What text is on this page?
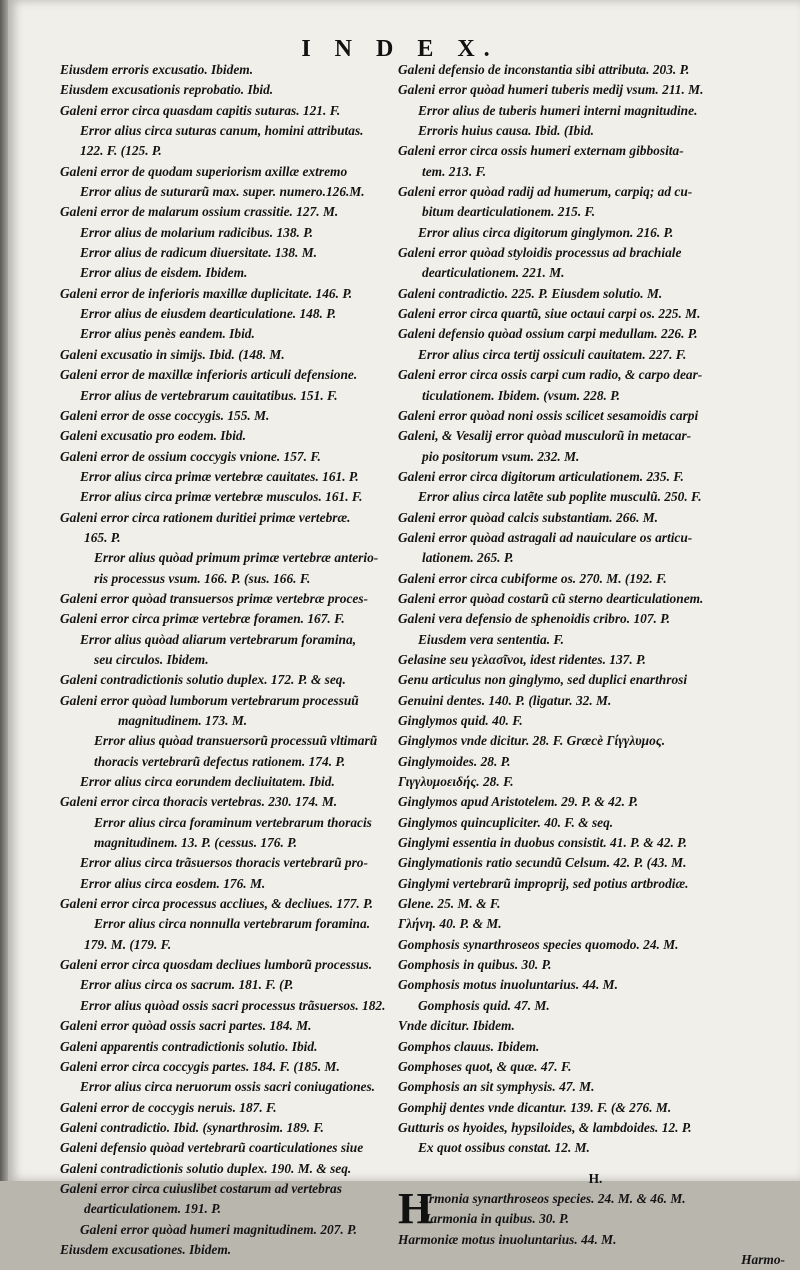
I N D E X.
Eiusdem erroris excusatio. Ibidem.
Eiusdem excusationis reprobatio. Ibid.
Galeni error circa quasdam capitis suturas. 121. F.
Error alius circa suturas canum, homini attributas.
122. F. (125. P.
Galeni error de quodam superiorism axillæ extremo
Error alius de suturarũ max. super. numero.126.M.
Galeni error de malarum ossium crassitie. 127. M.
Error alius de molarium radicibus. 138. P.
Error alius de radicum diuersitate. 138. M.
Error alius de eisdem. Ibidem.
Galeni error de inferioris maxillæ duplicitate. 146. P.
Error alius de eiusdem dearticulatione. 148. P.
Error alius penès eandem. Ibid.
Galeni excusatio in simijs. Ibid. (148. M.
Galeni error de maxillæ inferioris articuli defensione.
Error alius de vertebrarum cauitatibus. 151. F.
Galeni error de osse coccygis. 155. M.
Galeni excusatio pro eodem. Ibid.
Galeni error de ossium coccygis vnione. 157. F.
Error alius circa primæ vertebræ cauitates. 161. P.
Error alius circa primæ vertebræ musculos. 161. F.
Galeni error circa rationem duritiei primæ vertebræ.
165. P.
Error alius quòad primum primæ vertebræ anterio-
ris processus vsum. 166. P. (sus. 166. F.
Galeni error quòad transuersos primæ vertebræ proces-
Galeni error circa primæ vertebræ foramen. 167. F.
Error alius quòad aliarum vertebrarum foramina,
seu circulos. Ibidem.
Galeni contradictionis solutio duplex. 172. P. & seq.
Galeni error quòad lumborum vertebrarum processuũ
magnitudinem. 173. M.
Error alius quòad transuersorũ processuũ vltimarũ
thoracis vertebrarũ defectus rationem. 174. P.
Error alius circa eorundem decliuitatem. Ibid.
Galeni error circa thoracis vertebras. 230. 174. M.
Error alius circa foraminum vertebrarum thoracis
magnitudinem. 13. P. (cessus. 176. P.
Error alius circa trãsuersos thoracis vertebrarũ pro-
Error alius circa eosdem. 176. M.
Galeni error circa processus accliues, & decliues. 177. P.
Error alius circa nonnulla vertebrarum foramina.
179. M. (179. F.
Galeni error circa quosdam decliues lumborũ processus.
Error alius circa os sacrum. 181. F. (P.
Error alius quòad ossis sacri processus trãsuersos. 182.
Galeni error quòad ossis sacri partes. 184. M.
Galeni apparentis contradictionis solutio. Ibid.
Galeni error circa coccygis partes. 184. F. (185. M.
Error alius circa neruorum ossis sacri coniugationes.
Galeni error de coccygis neruis. 187. F.
Galeni contradictio. Ibid. (synarthrosim. 189. F.
Galeni defensio quòad vertebrarũ coarticulationes siue
Galeni contradictionis solutio duplex. 190. M. & seq.
Galeni error circa cuiuslibet costarum ad vertebras
dearticulationem. 191. P.
Galeni error quòad humeri magnitudinem. 207. P.
Eiusdem excusationes. Ibidem.
Galeni defensio de inconstantia sibi attributa. 203. P.
Galeni error quòad humeri tuberis medij vsum. 211. M.
Error alius de tuberis humeri interni magnitudine.
Erroris huius causa. Ibid. (Ibid.
Galeni error circa ossis humeri externam gibbosita-
tem. 213. F.
Galeni error quòad radij ad humerum, carpiq; ad cu-
bitum dearticulationem. 215. F.
Error alius circa digitorum ginglymon. 216. P.
Galeni error quòad styloidis processus ad brachiale
dearticulationem. 221. M.
Galeni contradictio. 225. P. Eiusdem solutio. M.
Galeni error circa quartũ, siue octaui carpi os. 225. M.
Galeni defensio quòad ossium carpi medullam. 226. P.
Error alius circa tertij ossiculi cauitatem. 227. F.
Galeni error circa ossis carpi cum radio, & carpo dear-
ticulationem. Ibidem. (vsum. 228. P.
Galeni error quòad noni ossis scilicet sesamoidis carpi
Galeni, & Vesalij error quòad musculorũ in metacar-
pio positorum vsum. 232. M.
Galeni error circa digitorum articulationem. 235. F.
Error alius circa latẽte sub poplite musculũ. 250. F.
Galeni error quòad calcis substantiam. 266. M.
Galeni error quòad astragali ad nauiculare os articu-
lationem. 265. P.
Galeni error circa cubiforme os. 270. M. (192. F.
Galeni error quòad costarũ cũ sterno dearticulationem.
Galeni vera defensio de sphenoidis cribro. 107. P.
Eiusdem vera sententia. F.
Gelasine seu γελασῖνοι, idest ridentes. 137. P.
Genu articulus non ginglymo, sed duplici enarthrosi
Genuini dentes. 140. P. (ligatur. 32. M.
Ginglymos quid. 40. F.
Ginglymos vnde dicitur. 28. F. Græcè Γίγγλυμος.
Ginglymoides. 28. P.
Γιγγλυμοειδής. 28. F.
Ginglymos apud Aristotelem. 29. P. & 42. P.
Ginglymos quincupliciter. 40. F. & seq.
Ginglymi essentia in duobus consistit. 41. P. & 42. P.
Ginglymationis ratio secundũ Celsum. 42. P. (43. M.
Ginglymi vertebrarũ improprij, sed potius artbrodiæ.
Glene. 25. M. & F.
Γλήνη. 40. P. & M.
Gomphosis synarthroseos species quomodo. 24. M.
Gomphosis in quibus. 30. P.
Gomphosis motus inuoluntarius. 44. M.
Gomphosis quid. 47. M.
Vnde dicitur. Ibidem.
Gomphos clauus. Ibidem.
Gomphoses quot, & quæ. 47. F.
Gomphosis an sit symphysis. 47. M.
Gomphij dentes vnde dicantur. 139. F. (& 276. M.
Gutturis os hyoides, hypsiloides, & lambdoides. 12. P.
Ex quot ossibus constat. 12. M.
H.
H
Armonia synarthroseos species. 24. M. & 46. M.
Harmonia in quibus. 30. P.
Harmoniæ motus inuoluntarius. 44. M.
Harmo-
